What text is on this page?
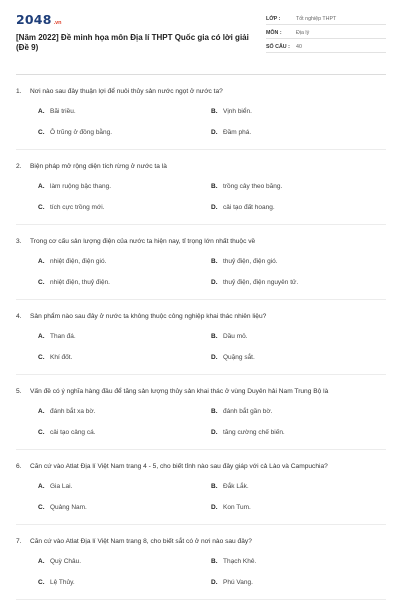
2048 .vn
[Năm 2022] Đề minh họa môn Địa lí THPT Quốc gia có lời giải (Đề 9)
LỚP :	Tốt nghiệp THPT
MÔN :	Địa lý
SỐ CÂU :	40
1.	Nơi nào sau đây thuận lợi để nuôi thủy sản nước ngọt ở nước ta?
A. Bãi triều.	B. Vịnh biển.
C. Ô trũng ở đồng bằng.	D. Đầm phá.
2.	Biện pháp mở rộng diện tích rừng ở nước ta là
A. làm ruộng bậc thang.	B. trồng cây theo băng.
C. tích cực trồng mới.	D. cải tạo đất hoang.
3.	Trong cơ cấu sản lượng điện của nước ta hiện nay, tỉ trọng lớn nhất thuộc về
A. nhiệt điện, điện gió.	B. thuỷ điện, điện gió.
C. nhiệt điện, thuỷ điện.	D. thuỷ điện, điện nguyên tử.
4.	Sản phẩm nào sau đây ở nước ta không thuộc công nghiệp khai thác nhiên liệu?
A. Than đá.	B. Dầu mỏ.
C. Khí đốt.	D. Quặng sắt.
5.	Vấn đề có ý nghĩa hàng đầu để tăng sản lượng thủy sản khai thác ở vùng Duyên hải Nam Trung Bộ là
A. đánh bắt xa bờ.	B. đánh bắt gần bờ.
C. cải tạo cảng cá.	D. tăng cường chế biến.
6.	Căn cứ vào Atlat Địa lí Việt Nam trang 4 - 5, cho biết tỉnh nào sau đây giáp với cả Lào và Campuchia?
A. Gia Lai.	B. Đắk Lắk.
C. Quảng Nam.	D. Kon Tum.
7.	Căn cứ vào Atlat Địa lí Việt Nam trang 8, cho biết sắt có ở nơi nào sau đây?
A. Quỳ Châu.	B. Thạch Khê.
C. Lệ Thủy.	D. Phú Vang.
